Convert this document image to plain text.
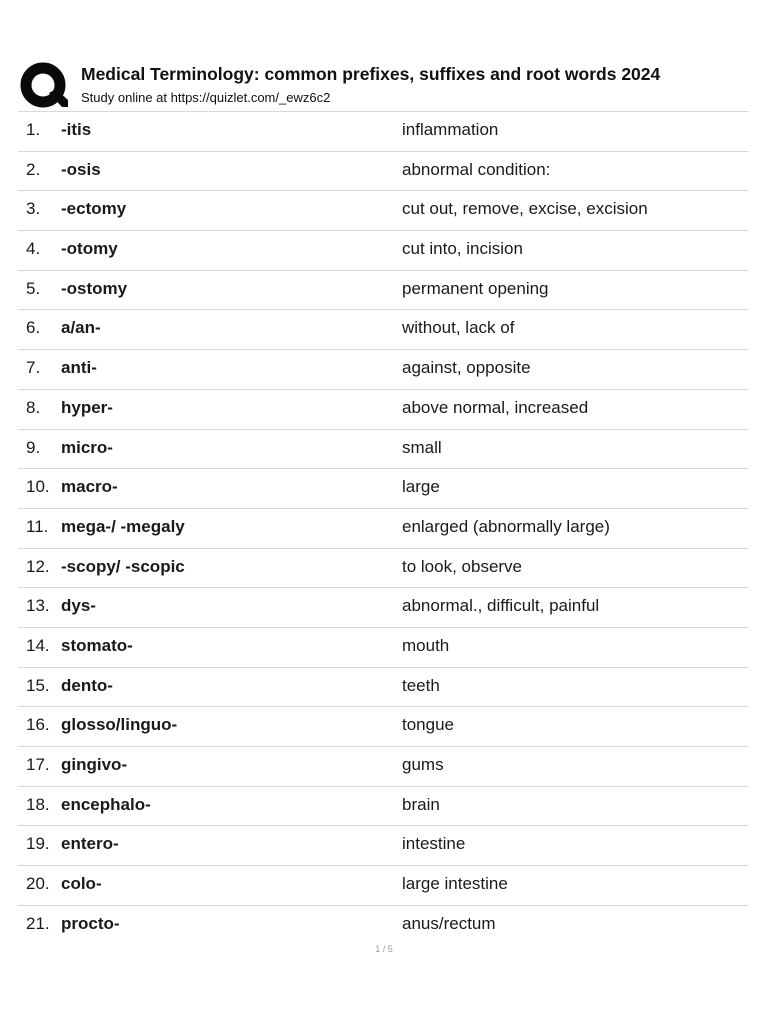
Medical Terminology: common prefixes, suffixes and root words 2024
Study online at https://quizlet.com/_ewz6c2
1. -itis	inflammation
2. -osis	abnormal condition:
3. -ectomy	cut out, remove, excise, excision
4. -otomy	cut into, incision
5. -ostomy	permanent opening
6. a/an-	without, lack of
7. anti-	against, opposite
8. hyper-	above normal, increased
9. micro-	small
10. macro-	large
11. mega-/ -megaly	enlarged (abnormally large)
12. -scopy/ -scopic	to look, observe
13. dys-	abnormal., difficult, painful
14. stomato-	mouth
15. dento-	teeth
16. glosso/linguo-	tongue
17. gingivo-	gums
18. encephalo-	brain
19. entero-	intestine
20. colo-	large intestine
21. procto-	anus/rectum
1 / 5
